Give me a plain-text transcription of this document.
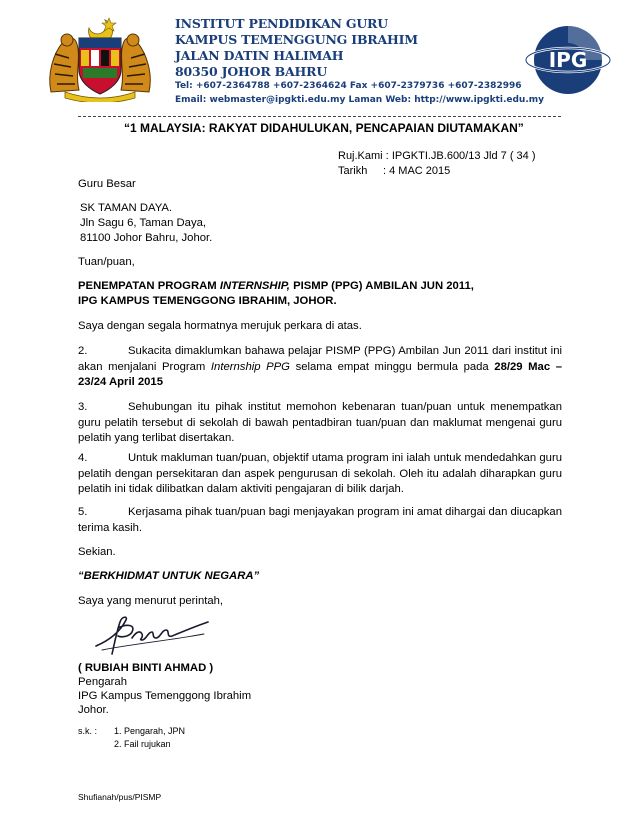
INSTITUT PENDIDIKAN GURU
KAMPUS TEMENGGUNG IBRAHIM
JALAN DATIN HALIMAH
80350 JOHOR BAHRU
Tel: +607-2364788 +607-2364624 Fax +607-2379736 +607-2382996
Email: webmaster@ipgkti.edu.my Laman Web: http://www.ipgkti.edu.my
IPG
“1 MALAYSIA: RAKYAT DIDAHULUKAN, PENCAPAIAN DIUTAMAKAN”
Ruj.Kami : IPGKTI.JB.600/13 Jld 7 ( 34 )
Tarikh : 4 MAC 2015
Guru Besar
SK TAMAN DAYA.
Jln Sagu 6, Taman Daya,
81100 Johor Bahru, Johor.
Tuan/puan,
PENEMPATAN PROGRAM INTERNSHIP, PISMP (PPG) AMBILAN JUN 2011,
IPG KAMPUS TEMENGGONG IBRAHIM, JOHOR.
Saya dengan segala hormatnya merujuk perkara di atas.
2.	Sukacita dimaklumkan bahawa pelajar PISMP (PPG) Ambilan Jun 2011 dari institut ini akan menjalani Program Internship PPG selama empat minggu bermula pada 28/29 Mac – 23/24 April 2015
3.	Sehubungan itu pihak institut memohon kebenaran tuan/puan untuk menempatkan guru pelatih tersebut di sekolah di bawah pentadbiran tuan/puan dan maklumat mengenai guru pelatih yang terlibat disertakan.
4.	Untuk makluman tuan/puan, objektif utama program ini ialah untuk mendedahkan guru pelatih dengan persekitaran dan aspek pengurusan di sekolah. Oleh itu adalah diharapkan guru pelatih ini tidak dilibatkan dalam aktiviti pengajaran di bilik darjah.
5.	Kerjasama pihak tuan/puan bagi menjayakan program ini amat dihargai dan diucapkan terima kasih.
Sekian.
“BERKHIDMAT UNTUK NEGARA”
Saya yang menurut perintah,
( RUBIAH BINTI AHMAD )
Pengarah
IPG Kampus Temenggong Ibrahim
Johor.
s.k. : 1. Pengarah, JPN
2. Fail rujukan
Shufianah/pus/PISMP
